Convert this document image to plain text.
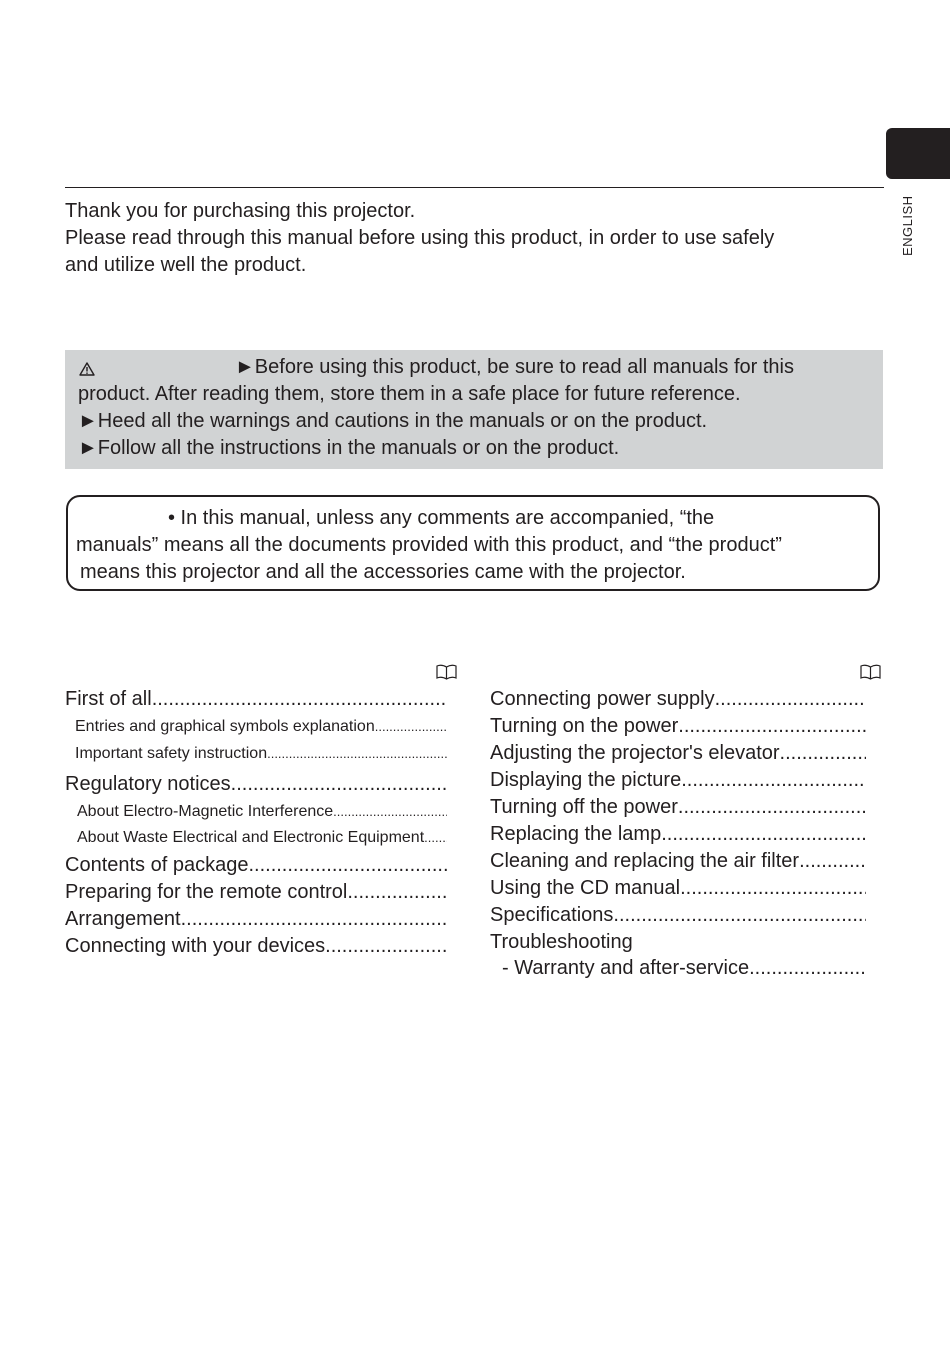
ENGLISH

Thank you for purchasing this projector.

Please read through this manual before using this product, in order to use safely

and utilize well the product.

►Before using this product, be sure to read all manuals for this

product. After reading them, store them in a safe place for future reference.

►Heed all the warnings and cautions in the manuals or on the product.

►Follow all the instructions in the manuals or on the product.

• In this manual, unless any comments are accompanied, “the

manuals” means all the documents provided with this product, and “the product”

means this projector and all the accessories came with the projector.

First of all
.....
Entries and graphical symbols explanation
.....
Important safety instruction
.....
Regulatory notices
.....
About Electro-Magnetic Interference
.....
About Waste Electrical and Electronic Equipment
.....
Contents of package
.....
Preparing for the remote control
.....
Arrangement
.....
Connecting with your devices
.....
Connecting power supply
.....
Turning on the power
.....
Adjusting the projector's elevator
.....
Displaying the picture
.....
Turning off the power
.....
Replacing the lamp
.....
Cleaning and replacing the air filter
.....
Using the CD manual
.....
Specifications
.....
Troubleshooting
- Warranty and after-service
.....
